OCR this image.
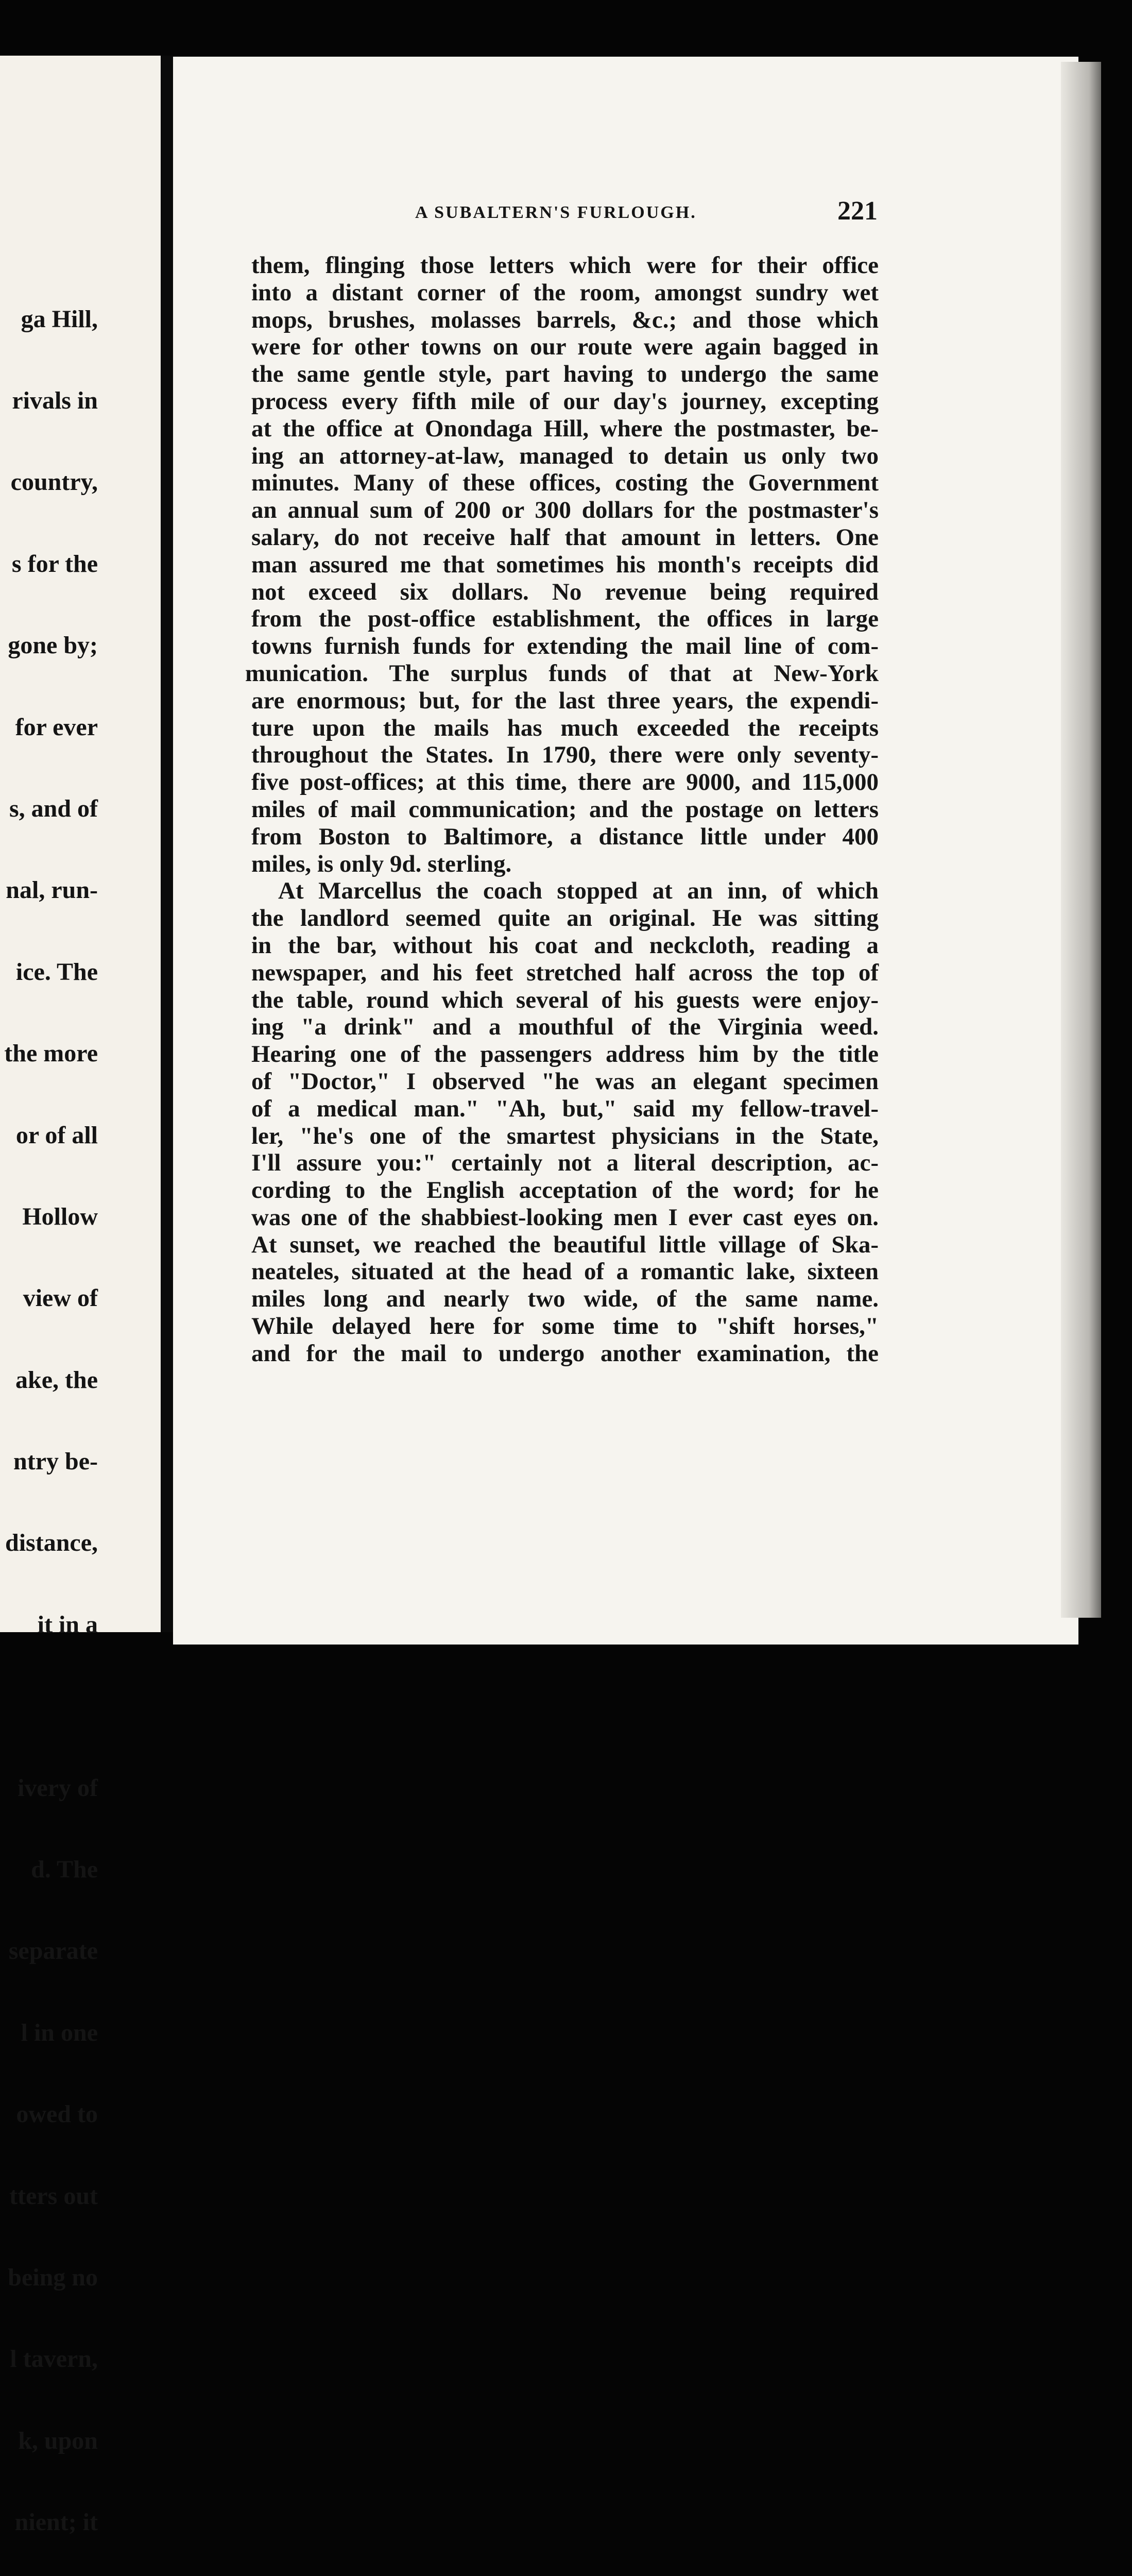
ga Hill,

rivals in

country,

s for the

gone by;

for ever

s, and of

nal, run-

ice. The

the more

or of all

Hollow

view of

ake, the

ntry be-

distance,

it in a

ivery of

d. The

separate

l in one

owed to

tters out

being no

l tavern,

k, upon

nient; it

A SUBALTERN'S FURLOUGH.	221
them, flinging those letters which were for their office
into a distant corner of the room, amongst sundry wet
mops, brushes, molasses barrels, &c.; and those which
were for other towns on our route were again bagged in
the same gentle style, part having to undergo the same
process every fifth mile of our day's journey, excepting
at the office at Onondaga Hill, where the postmaster, be-
ing an attorney-at-law, managed to detain us only two
minutes. Many of these offices, costing the Government
an annual sum of 200 or 300 dollars for the postmaster's
salary, do not receive half that amount in letters. One
man assured me that sometimes his month's receipts did
not exceed six dollars. No revenue being required
from the post-office establishment, the offices in large
towns furnish funds for extending the mail line of com-
munication. The surplus funds of that at New-York
are enormous; but, for the last three years, the expendi-
ture upon the mails has much exceeded the receipts
throughout the States. In 1790, there were only seventy-
five post-offices; at this time, there are 9000, and 115,000
miles of mail communication; and the postage on letters
from Boston to Baltimore, a distance little under 400
miles, is only 9d. sterling.
At Marcellus the coach stopped at an inn, of which
the landlord seemed quite an original. He was sitting
in the bar, without his coat and neckcloth, reading a
newspaper, and his feet stretched half across the top of
the table, round which several of his guests were enjoy-
ing "a drink" and a mouthful of the Virginia weed.
Hearing one of the passengers address him by the title
of "Doctor," I observed "he was an elegant specimen
of a medical man." "Ah, but," said my fellow-travel-
ler, "he's one of the smartest physicians in the State,
I'll assure you:" certainly not a literal description, ac-
cording to the English acceptation of the word; for he
was one of the shabbiest-looking men I ever cast eyes on.
At sunset, we reached the beautiful little village of Ska-
neateles, situated at the head of a romantic lake, sixteen
miles long and nearly two wide, of the same name.
While delayed here for some time to "shift horses,"
and for the mail to undergo another examination, the
